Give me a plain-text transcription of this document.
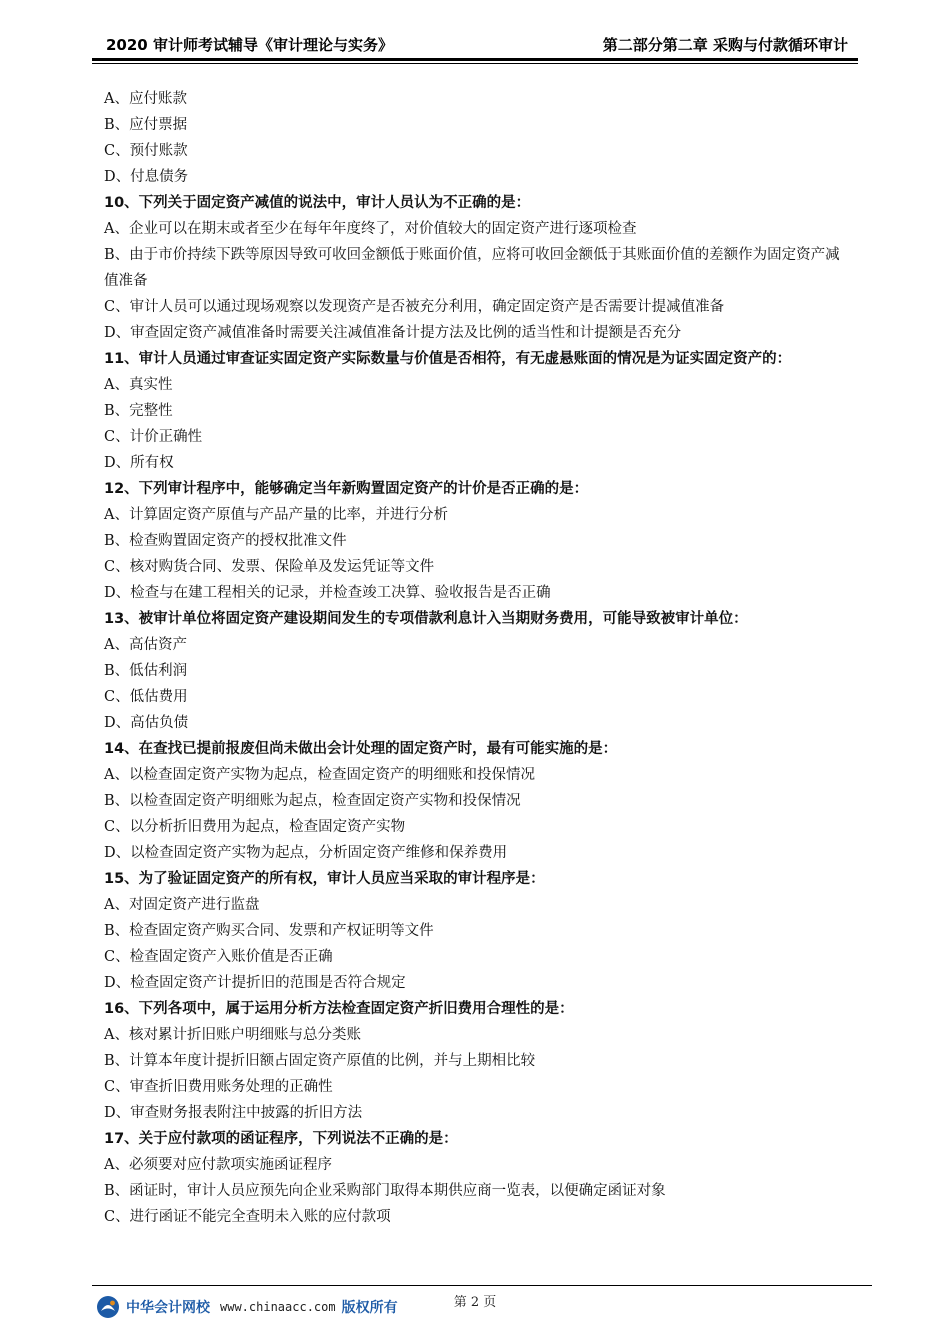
2020 审计师考试辅导《审计理论与实务》	第二部分第二章 采购与付款循环审计
A、应付账款
B、应付票据
C、预付账款
D、付息债务
10、下列关于固定资产减值的说法中，审计人员认为不正确的是：
A、企业可以在期末或者至少在每年年度终了，对价值较大的固定资产进行逐项检查
B、由于市价持续下跌等原因导致可收回金额低于账面价值，应将可收回金额低于其账面价值的差额作为固定资产减值准备
C、审计人员可以通过现场观察以发现资产是否被充分利用，确定固定资产是否需要计提减值准备
D、审查固定资产减值准备时需要关注减值准备计提方法及比例的适当性和计提额是否充分
11、审计人员通过审查证实固定资产实际数量与价值是否相符，有无虚悬账面的情况是为证实固定资产的：
A、真实性
B、完整性
C、计价正确性
D、所有权
12、下列审计程序中，能够确定当年新购置固定资产的计价是否正确的是：
A、计算固定资产原值与产品产量的比率，并进行分析
B、检查购置固定资产的授权批准文件
C、核对购货合同、发票、保险单及发运凭证等文件
D、检查与在建工程相关的记录，并检查竣工决算、验收报告是否正确
13、被审计单位将固定资产建设期间发生的专项借款利息计入当期财务费用，可能导致被审计单位：
A、高估资产
B、低估利润
C、低估费用
D、高估负债
14、在查找已提前报废但尚未做出会计处理的固定资产时，最有可能实施的是：
A、以检查固定资产实物为起点，检查固定资产的明细账和投保情况
B、以检查固定资产明细账为起点，检查固定资产实物和投保情况
C、以分析折旧费用为起点，检查固定资产实物
D、以检查固定资产实物为起点，分析固定资产维修和保养费用
15、为了验证固定资产的所有权，审计人员应当采取的审计程序是：
A、对固定资产进行监盘
B、检查固定资产购买合同、发票和产权证明等文件
C、检查固定资产入账价值是否正确
D、检查固定资产计提折旧的范围是否符合规定
16、下列各项中，属于运用分析方法检查固定资产折旧费用合理性的是：
A、核对累计折旧账户明细账与总分类账
B、计算本年度计提折旧额占固定资产原值的比例，并与上期相比较
C、审查折旧费用账务处理的正确性
D、审查财务报表附注中披露的折旧方法
17、关于应付款项的函证程序，下列说法不正确的是：
A、必须要对应付款项实施函证程序
B、函证时，审计人员应预先向企业采购部门取得本期供应商一览表，以便确定函证对象
C、进行函证不能完全查明未入账的应付款项
第 2 页
中华会计网校 www.chinaacc.com 版权所有
